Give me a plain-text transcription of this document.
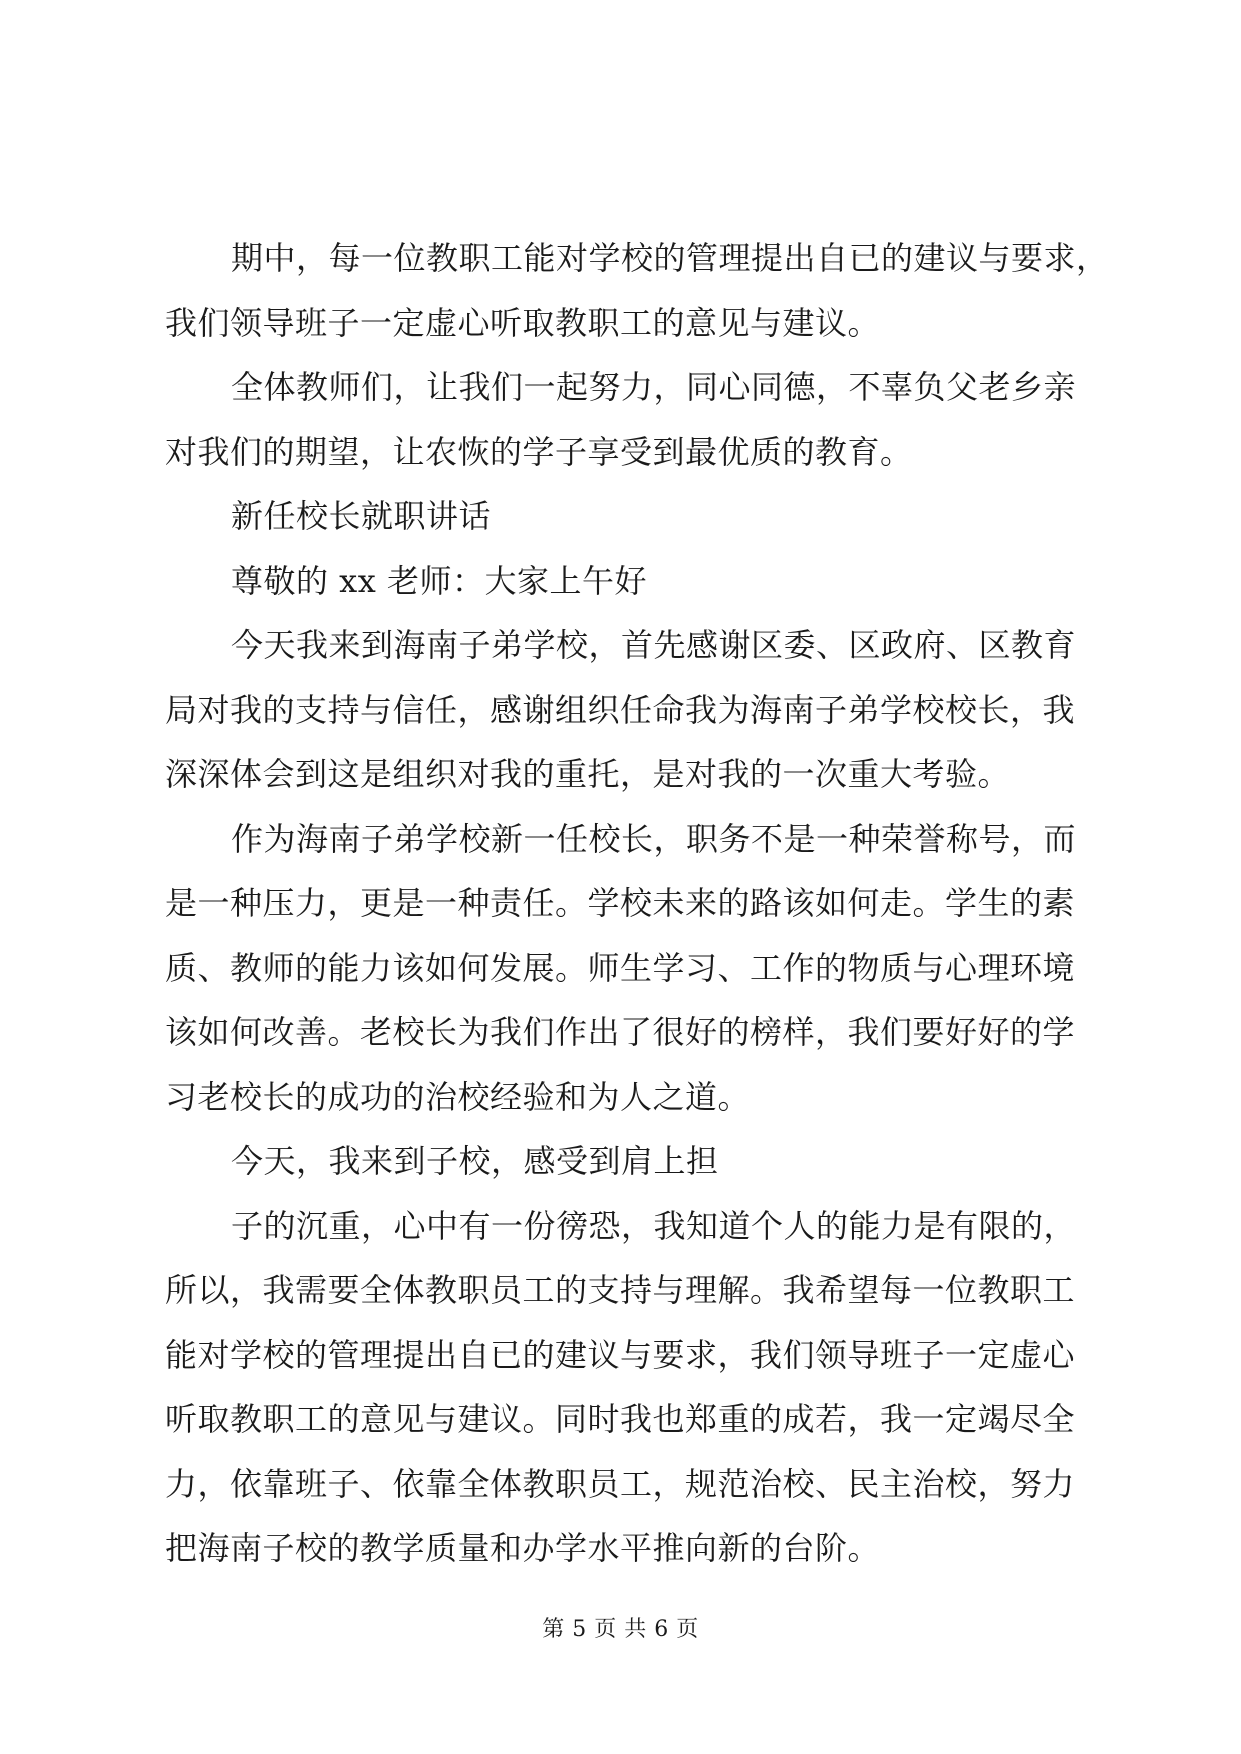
期中，每一位教职工能对学校的管理提出自已的建议与要求，
我们领导班子一定虚心听取教职工的意见与建议。

全体教师们，让我们一起努力，同心同德，不辜负父老乡亲
对我们的期望，让农恢的学子享受到最优质的教育。

新任校长就职讲话

尊敬的 xx 老师：大家上午好

今天我来到海南子弟学校，首先感谢区委、区政府、区教育
局对我的支持与信任，感谢组织任命我为海南子弟学校校长，我
深深体会到这是组织对我的重托，是对我的一次重大考验。

作为海南子弟学校新一任校长，职务不是一种荣誉称号，而
是一种压力，更是一种责任。学校未来的路该如何走。学生的素
质、教师的能力该如何发展。师生学习、工作的物质与心理环境
该如何改善。老校长为我们作出了很好的榜样，我们要好好的学
习老校长的成功的治校经验和为人之道。

今天，我来到子校，感受到肩上担

子的沉重，心中有一份徬恐，我知道个人的能力是有限的，
所以，我需要全体教职员工的支持与理解。我希望每一位教职工
能对学校的管理提出自已的建议与要求，我们领导班子一定虚心
听取教职工的意见与建议。同时我也郑重的成若，我一定竭尽全
力，依靠班子、依靠全体教职员工，规范治校、民主治校，努力
把海南子校的教学质量和办学水平推向新的台阶。

第 5 页 共 6 页
